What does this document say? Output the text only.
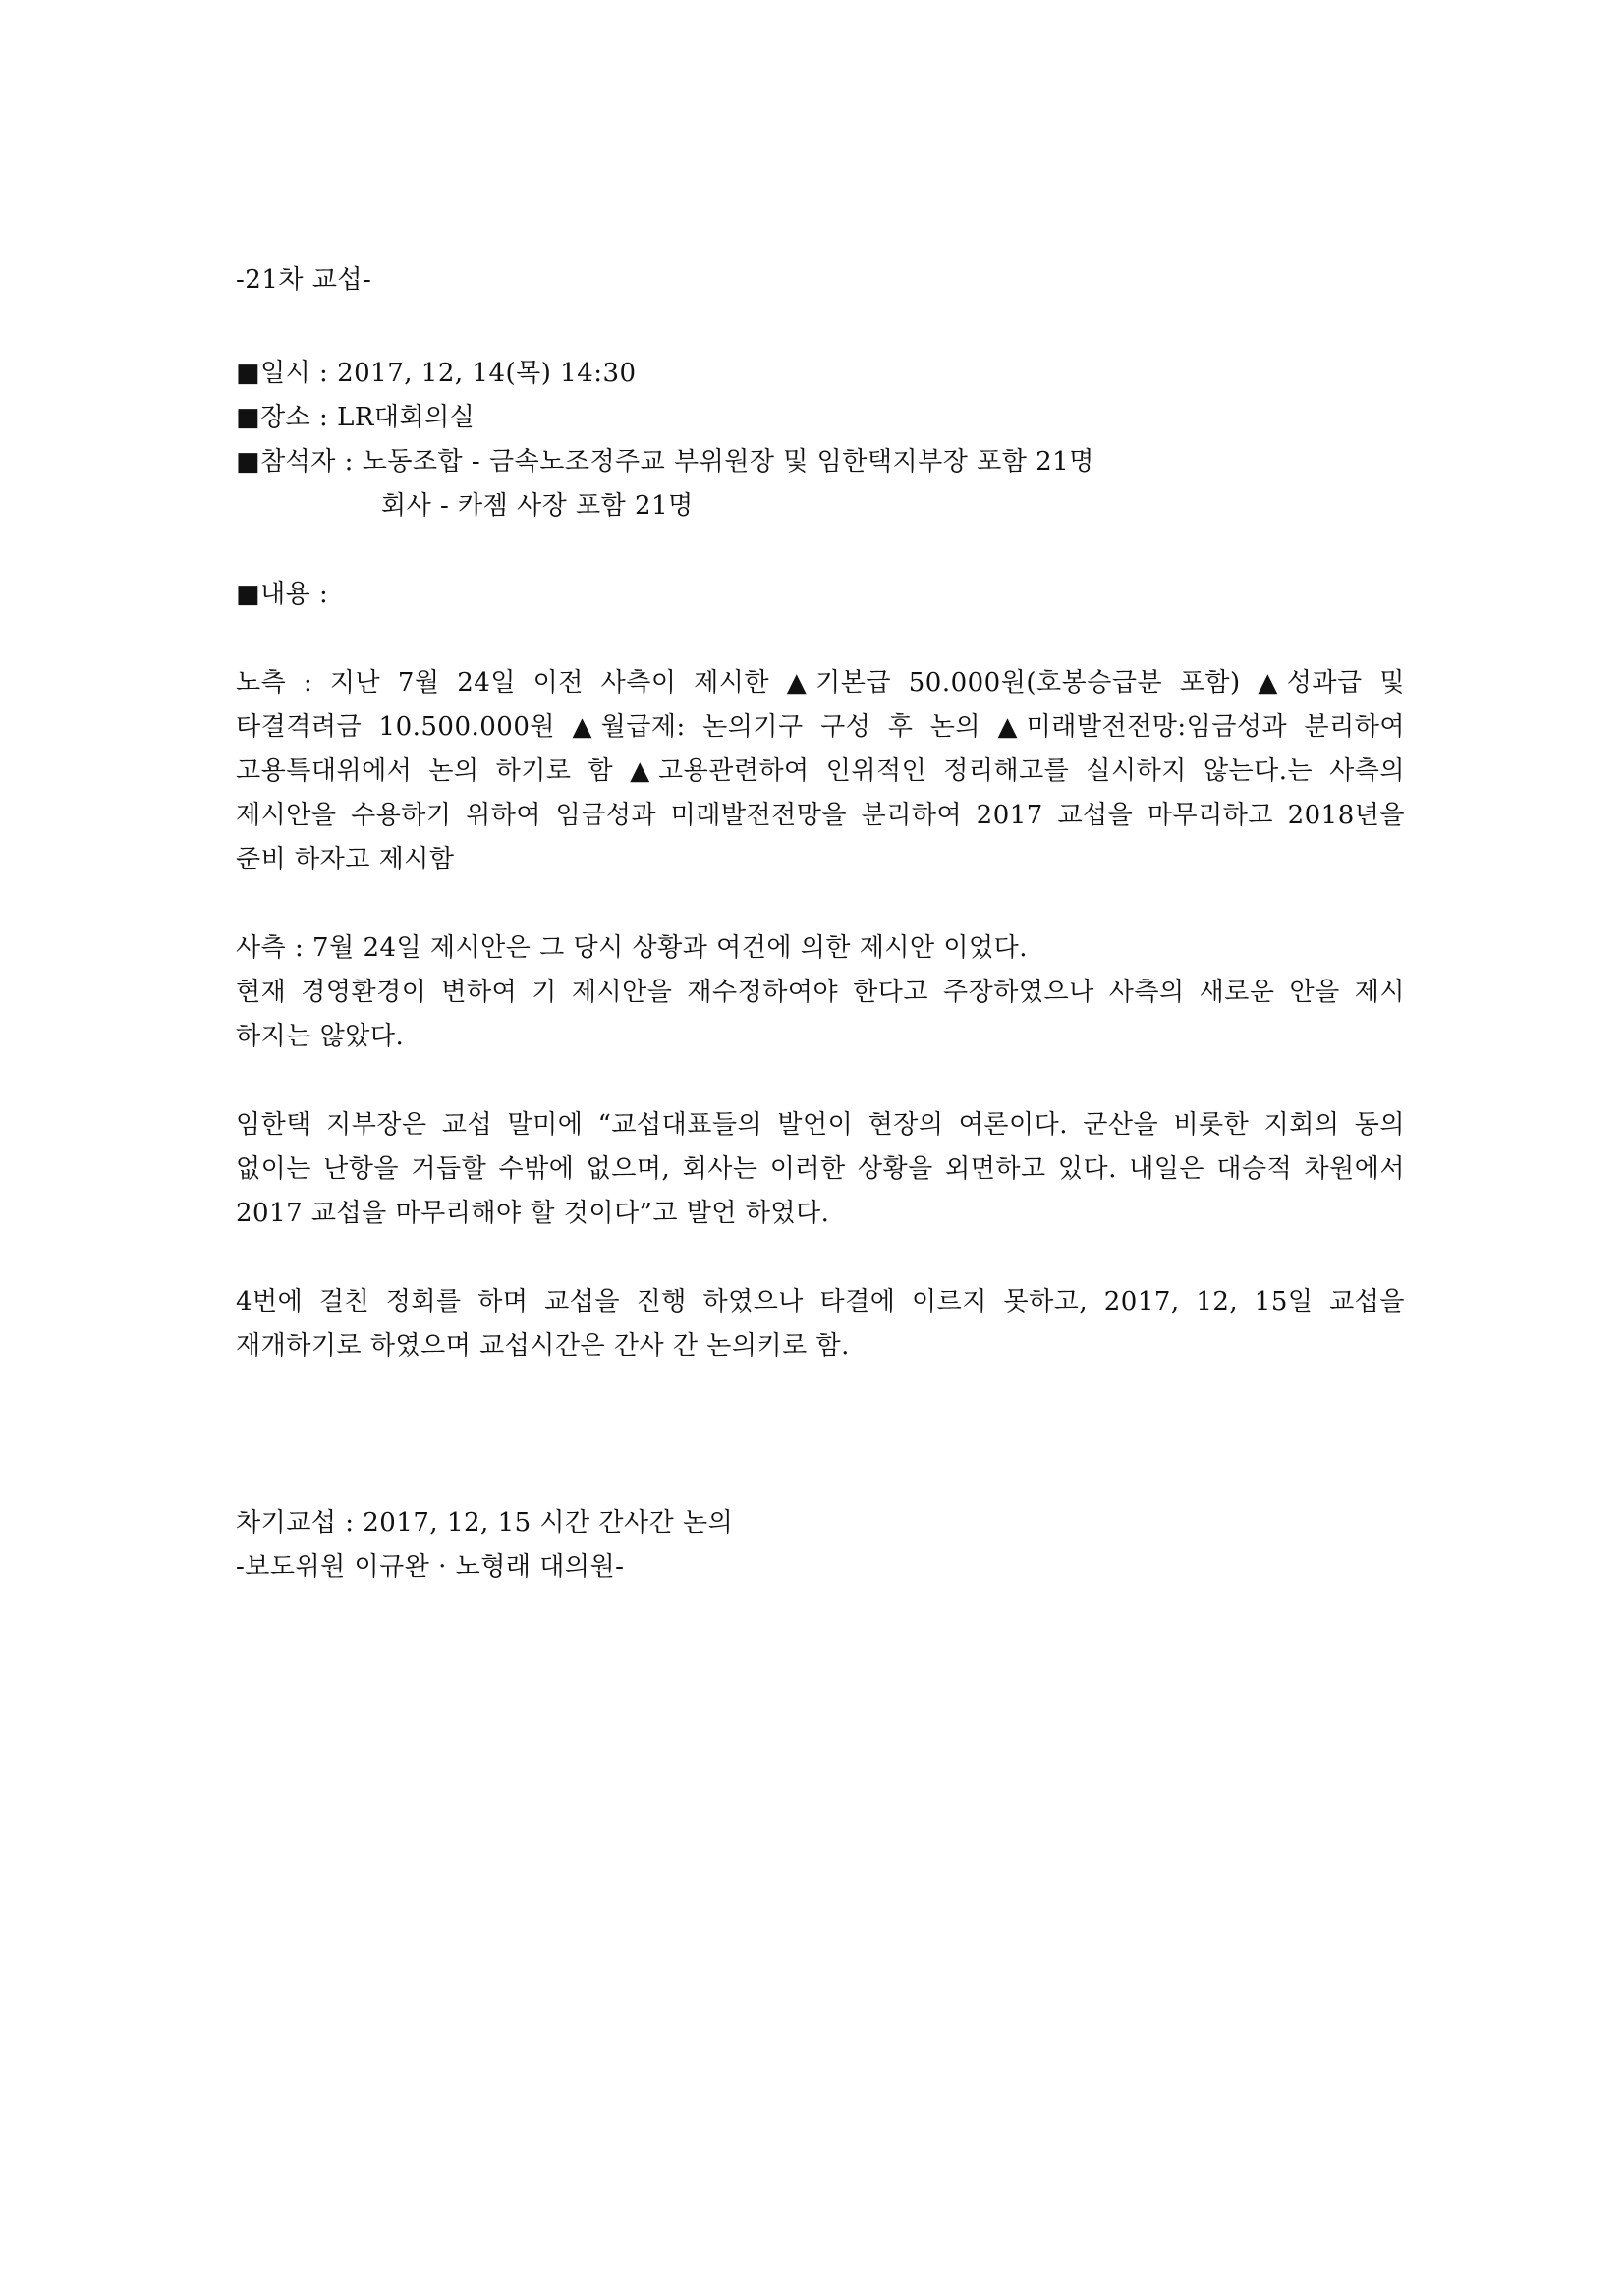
-21차 교섭-
■일시 : 2017, 12, 14(목) 14:30
■장소 : LR대회의실
■참석자 : 노동조합 - 금속노조정주교 부위원장 및 임한택지부장 포함 21명
회사 - 카젬 사장 포함 21명
■내용 :
노측 : 지난 7월 24일 이전 사측이 제시한 ▲기본급 50.000원(호봉승급분 포함) ▲성과급 및 타결격려금 10.500.000원 ▲월급제: 논의기구 구성 후 논의 ▲미래발전전망:임금성과 분리하여 고용특대위에서 논의 하기로 함 ▲고용관련하여 인위적인 정리해고를 실시하지 않는다.는 사측의 제시안을 수용하기 위하여 임금성과 미래발전전망을 분리하여 2017 교섭을 마무리하고 2018년을 준비 하자고 제시함
사측 : 7월 24일 제시안은 그 당시 상황과 여건에 의한 제시안 이었다.
현재 경영환경이 변하여 기 제시안을 재수정하여야 한다고 주장하였으나 사측의 새로운 안을 제시 하지는 않았다.
임한택 지부장은 교섭 말미에 “교섭대표들의 발언이 현장의 여론이다. 군산을 비롯한 지회의 동의 없이는 난항을 거듭할 수밖에 없으며, 회사는 이러한 상황을 외면하고 있다. 내일은 대승적 차원에서 2017 교섭을 마무리해야 할 것이다”고 발언 하였다.
4번에 걸친 정회를 하며 교섭을 진행 하였으나 타결에 이르지 못하고, 2017, 12, 15일 교섭을 재개하기로 하였으며 교섭시간은 간사 간 논의키로 함.
차기교섭 : 2017, 12, 15 시간 간사간 논의
-보도위원 이규완 · 노형래 대의원-
